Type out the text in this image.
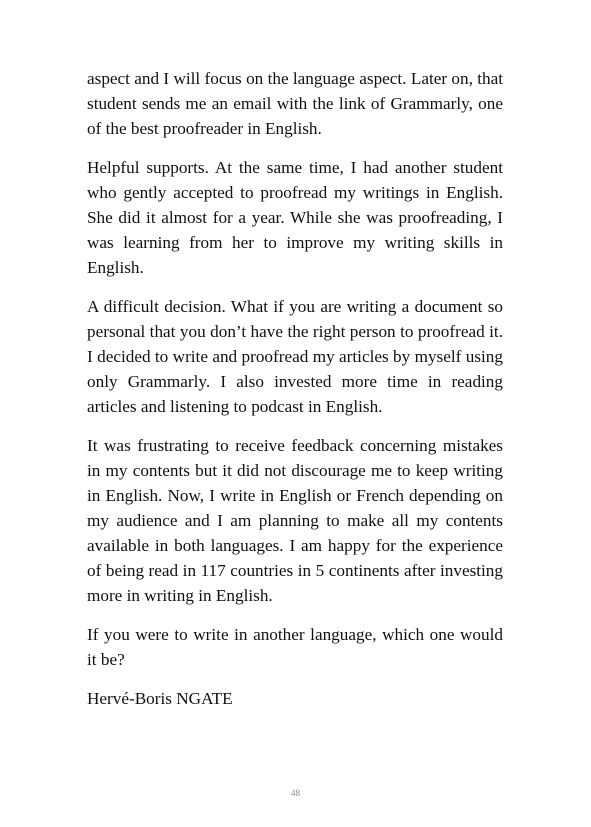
aspect and I will focus on the language aspect. Later on, that student sends me an email with the link of Grammarly, one of the best proofreader in English.

Helpful supports. At the same time, I had another student who gently accepted to proofread my writings in English. She did it almost for a year. While she was proofreading, I was learning from her to improve my writing skills in English.

A difficult decision. What if you are writing a document so personal that you don’t have the right person to proofread it. I decided to write and proofread my articles by myself using only Grammarly. I also invested more time in reading articles and listening to podcast in English.

It was frustrating to receive feedback concerning mistakes in my contents but it did not discourage me to keep writing in English. Now, I write in English or French depending on my audience and I am planning to make all my contents available in both languages. I am happy for the experience of being read in 117 countries in 5 continents after investing more in writing in English.

If you were to write in another language, which one would it be?

Hervé-Boris NGATE

48
